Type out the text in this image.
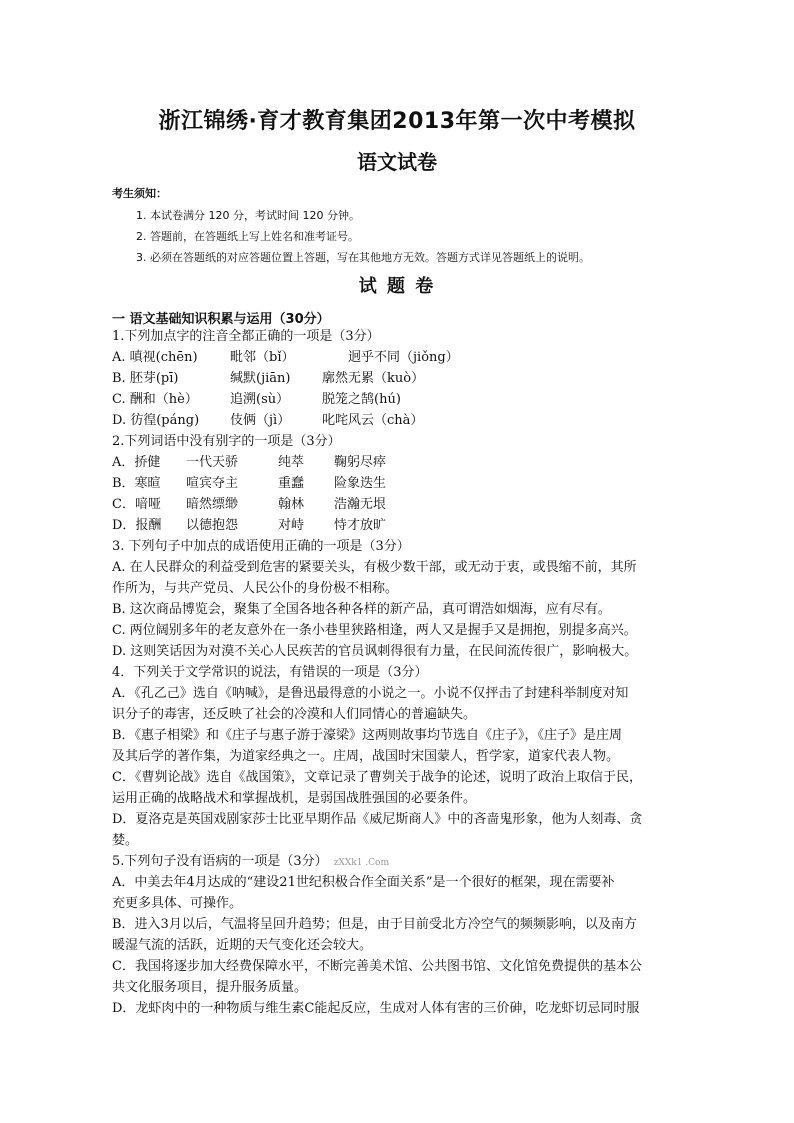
浙江锦绣·育才教育集团2013年第一次中考模拟
语文试卷
考生须知：
1. 本试卷满分 120 分，考试时间 120 分钟。
2. 答题前，在答题纸上写上姓名和准考证号。
3. 必须在答题纸的对应答题位置上答题，写在其他地方无效。答题方式详见答题纸上的说明。
试 题 卷
一 语文基础知识积累与运用（30分）
1.下列加点字的注音全都正确的一项是（3分）
A. 嗔视(chēn) 毗邻（bǐ）	迥乎不同（jiǒng）
B. 胚芽(pī)	缄默(jiān) 廓然无累（kuò）
C. 酬和（hè） 追溯(sù）	脱笼之鹄(hú)
D. 彷徨(páng) 伎俩（jì） 叱咤风云（chà）
2.下列词语中没有别字的一项是（3分）
A．挢健 一代天骄	纯萃 鞠躬尽瘁
B．寒暄 喧宾夺主	重蠢 险象迭生
C．喑哑 暗然缥缈	翰林 浩瀚无垠
D．报酬 以德抱怨	对峙 恃才放旷
3. 下列句子中加点的成语使用正确的一项是（3分）
A. 在人民群众的利益受到危害的紧要关头，有极少数干部，或无动于衷，或畏缩不前，其所
作所为，与共产党员、人民公仆的身份极不相称。
B. 这次商品博览会，聚集了全国各地各种各样的新产品，真可谓浩如烟海，应有尽有。
C. 两位阔别多年的老友意外在一条小巷里狭路相逢，两人又是握手又是拥抱，别提多高兴。
D. 这则笑话因为对漠不关心人民疾苦的官员讽刺得很有力量，在民间流传很广，影响极大。
4．下列关于文学常识的说法，有错误的一项是（3分）
A．《孔乙己》选自《呐喊》，是鲁迅最得意的小说之一。小说不仅抨击了封建科举制度对知
识分子的毒害，还反映了社会的冷漠和人们同情心的普遍缺失。
B．《惠子相梁》和《庄子与惠子游于濠梁》这两则故事均节选自《庄子》，《庄子》是庄周
及其后学的著作集，为道家经典之一。庄周，战国时宋国蒙人，哲学家，道家代表人物。
C．《曹刿论战》选自《战国策》，文章记录了曹刿关于战争的论述，说明了政治上取信于民，
运用正确的战略战术和掌握战机，是弱国战胜强国的必要条件。
D．夏洛克是英国戏剧家莎士比亚早期作品《威尼斯商人》中的吝啬鬼形象，他为人刻毒、贪
婪。
5.下列句子没有语病的一项是（3分） zXXk1 .Com
A．中美去年4月达成的“建设21世纪积极合作全面关系”是一个很好的框架，现在需要补
充更多具体、可操作。
B．进入3月以后，气温将呈回升趋势；但是，由于目前受北方冷空气的频频影响，以及南方
暖湿气流的活跃，近期的天气变化还会较大。
C．我国将逐步加大经费保障水平，不断完善美术馆、公共图书馆、文化馆免费提供的基本公
共文化服务项目，提升服务质量。
D．龙虾肉中的一种物质与维生素C能起反应，生成对人体有害的三价砷，吃龙虾切忌同时服
